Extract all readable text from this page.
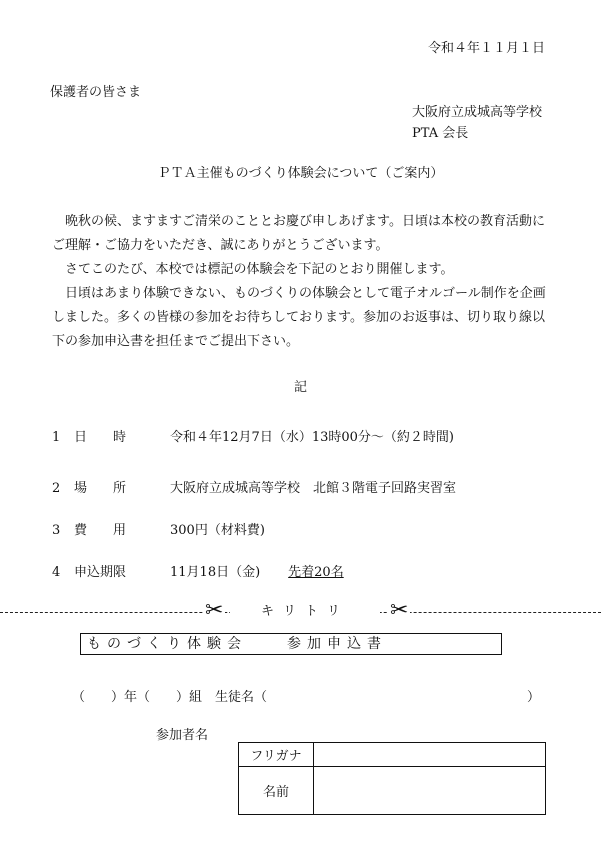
令和４年１１月１日
保護者の皆さま
大阪府立成城高等学校
PTA 会長
ＰＴＡ主催ものづくり体験会について（ご案内）

晩秋の候、ますますご清栄のこととお慶び申しあげます。日頃は本校の教育活動にご理解・ご協力をいただき、誠にありがとうございます。

さてこのたび、本校では標記の体験会を下記のとおり開催します。

日頃はあまり体験できない、ものづくりの体験会として電子オルゴール制作を企画しました。多くの皆様の参加をお待ちしております。参加のお返事は、切り取り線以下の参加申込書を担任までご提出下さい。

記
1 日　　時	令和４年12月7日（水）13時00分～（約２時間)
2 場　　所	大阪府立成城高等学校　北館３階電子回路実習室
3 費　　用	300円（材料費)
4 申込期限	11月18日（金) 先着20名
✂	キリトリ	✂
ものづくり体験会　　参加申込書
（　　）年（　　）組　生徒名（　　　　　　　　　　　　　　　　　　　　）
参加者名
フリガナ	
名前	
